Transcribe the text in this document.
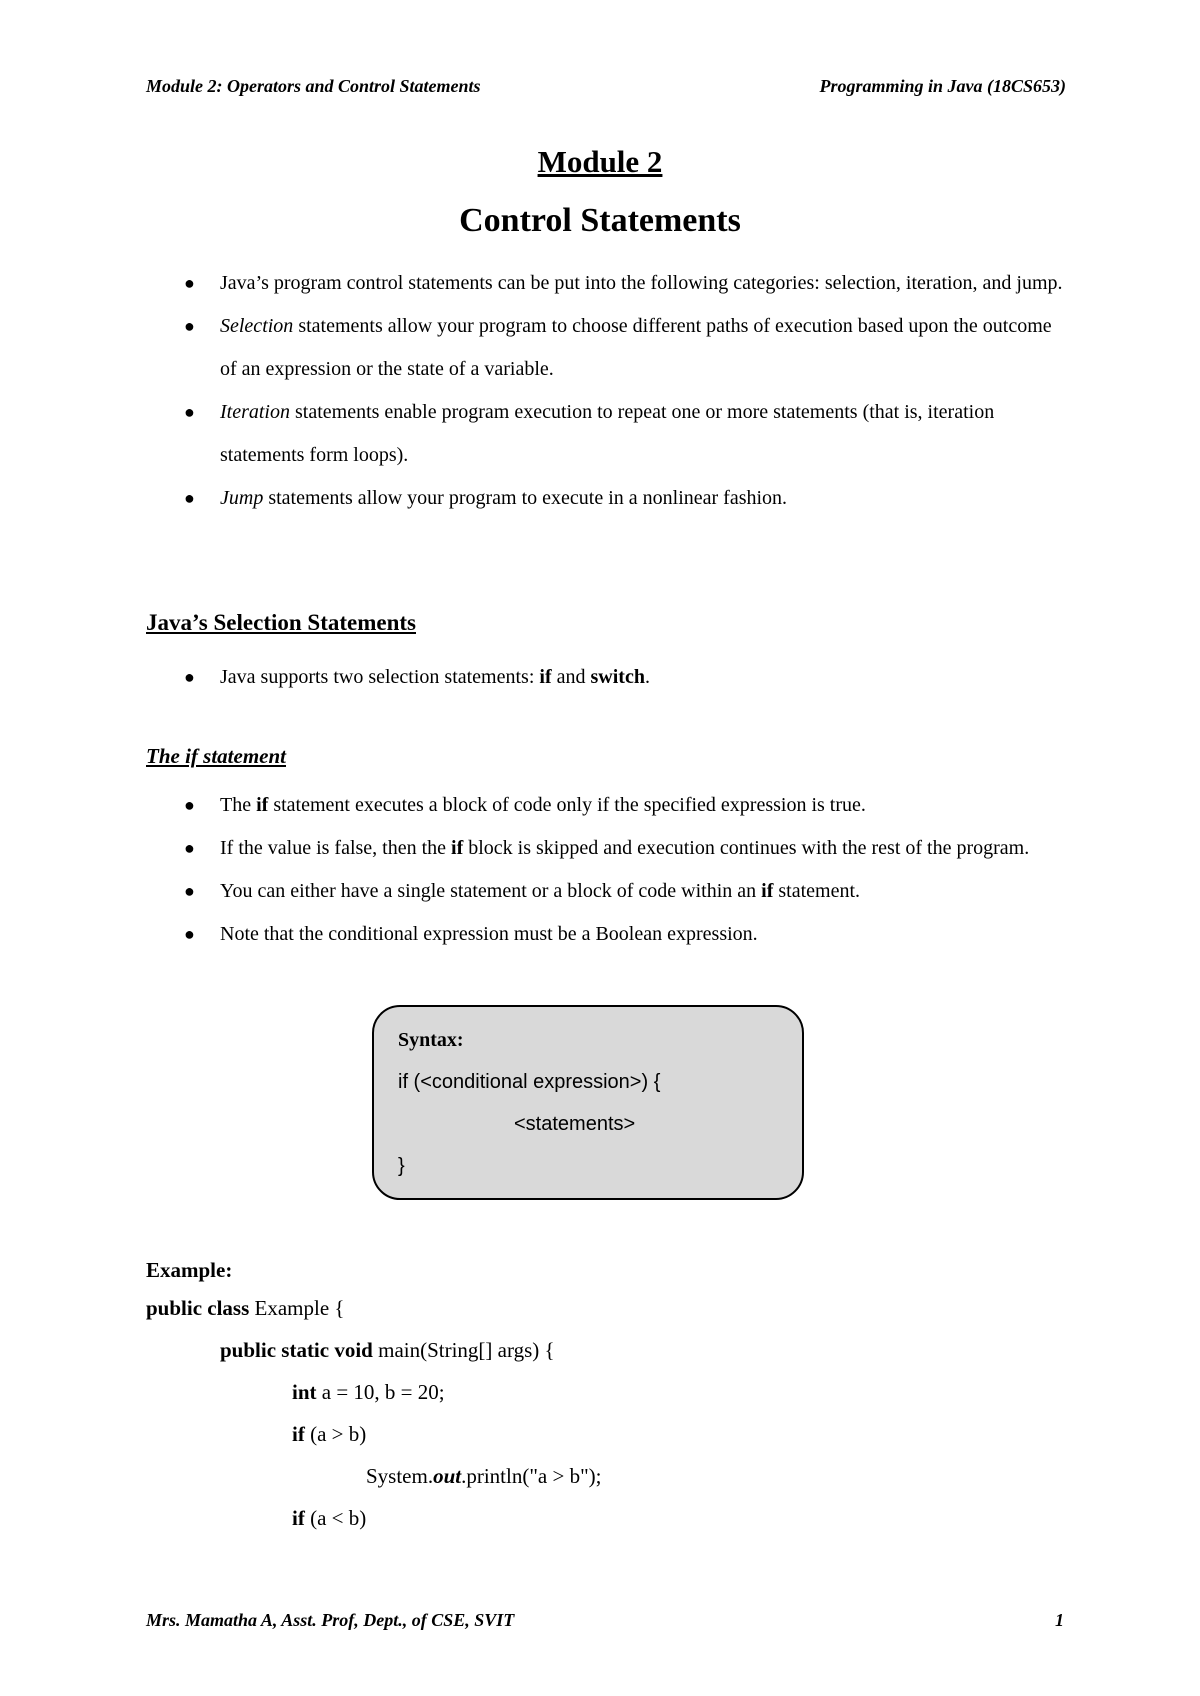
Module 2: Operators and Control Statements	Programming in Java (18CS653)
Module 2
Control Statements
● Java’s program control statements can be put into the following categories: selection, iteration, and jump.
● Selection statements allow your program to choose different paths of execution based upon the outcome of an expression or the state of a variable.
● Iteration statements enable program execution to repeat one or more statements (that is, iteration statements form loops).
● Jump statements allow your program to execute in a nonlinear fashion.
Java’s Selection Statements
● Java supports two selection statements: if and switch.
The if statement
● The if statement executes a block of code only if the specified expression is true.
● If the value is false, then the if block is skipped and execution continues with the rest of the program.
● You can either have a single statement or a block of code within an if statement.
● Note that the conditional expression must be a Boolean expression.
Syntax:
if (<conditional expression>) {
<statements>
}
Example:
public class Example {
public static void main(String[] args) {
int a = 10, b = 20;
if (a > b)
System.out.println("a > b");
if (a < b)
Mrs. Mamatha A, Asst. Prof, Dept., of CSE, SVIT	1
